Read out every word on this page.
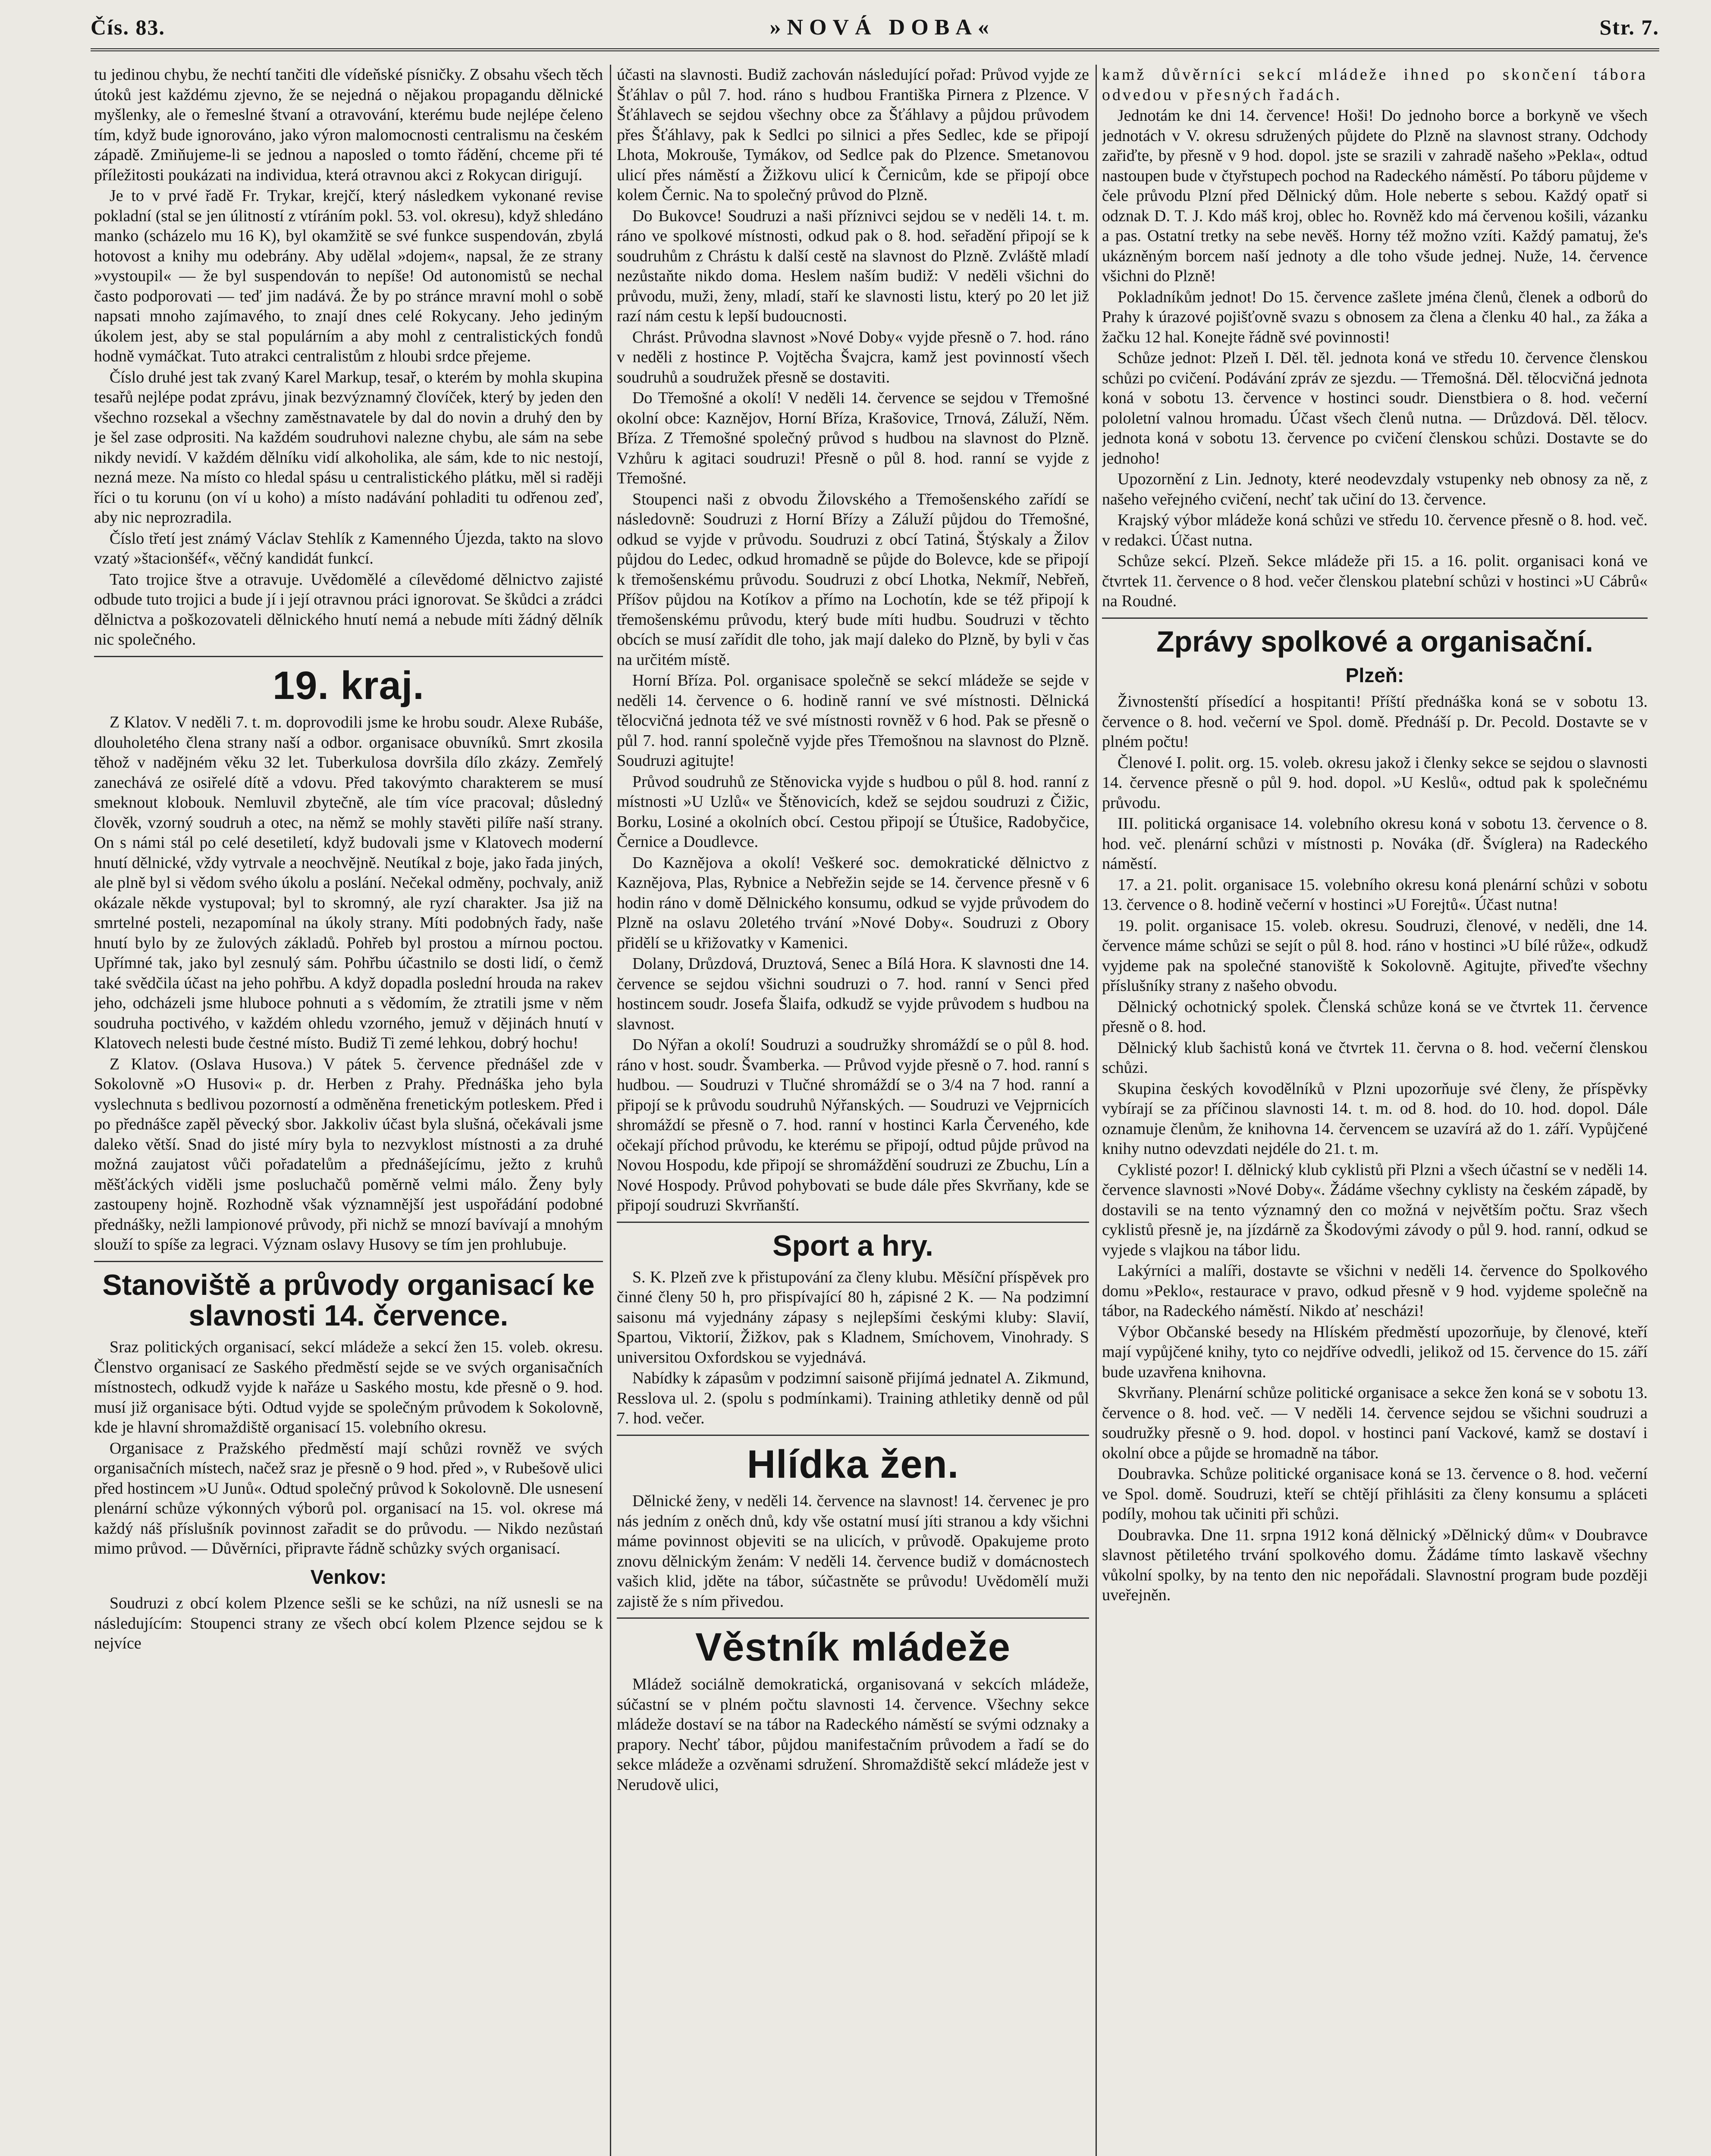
Čís. 83.	»NOVÁ DOBA«	Str. 7.

tu jedinou chybu, že nechtí tančiti dle vídeňské písničky. Z obsahu všech těch útoků jest každému zjevno, že se nejedná o nějakou propagandu dělnické myšlenky, ale o řemeslné štvaní a otravování, kterému bude nejlépe čeleno tím, když bude ignorováno, jako výron malomocnosti centralismu na českém západě. Zmiňujeme-li se jednou a naposled o tomto řádění, chceme při té příležitosti poukázati na individua, která otravnou akci z Rokycan dirigují.

Je to v prvé řadě Fr. Trykar, krejčí, který následkem vykonané revise pokladní (stal se jen úlitností z vtíráním pokl. 53. vol. okresu), když shledáno manko (scházelo mu 16 K), byl okamžitě se své funkce suspendován, zbylá hotovost a knihy mu odebrány. Aby udělal »dojem«, napsal, že ze strany »vystoupil« — že byl suspendován to nepíše! Od autonomistů se nechal často podporovati — teď jim nadává. Že by po stránce mravní mohl o sobě napsati mnoho zajímavého, to znají dnes celé Rokycany. Jeho jediným úkolem jest, aby se stal populárním a aby mohl z centralistických fondů hodně vymáčkat. Tuto atrakci centralistům z hloubi srdce přejeme.

Číslo druhé jest tak zvaný Karel Markup, tesař, o kterém by mohla skupina tesařů nejlépe podat zprávu, jinak bezvýznamný človíček, který by jeden den všechno rozsekal a všechny zaměstnavatele by dal do novin a druhý den by je šel zase odprositi. Na každém soudruhovi nalezne chybu, ale sám na sebe nikdy nevidí. V každém dělníku vidí alkoholika, ale sám, kde to nic nestojí, nezná meze. Na místo co hledal spásu u centralistického plátku, měl si raději říci o tu korunu (on ví u koho) a místo nadávání pohladiti tu odřenou zeď, aby nic neprozradila.

Číslo třetí jest známý Václav Stehlík z Kamenného Újezda, takto na slovo vzatý »štacionšéf«, věčný kandidát funkcí.

Tato trojice štve a otravuje. Uvědomělé a cílevědomé dělnictvo zajisté odbude tuto trojici a bude jí i její otravnou práci ignorovat. Se škůdci a zrádci dělnictva a poškozovateli dělnického hnutí nemá a nebude míti žádný dělník nic společného.

19. kraj.

Z Klatov. V neděli 7. t. m. doprovodili jsme ke hrobu soudr. Alexe Rubáše, dlouholetého člena strany naší a odbor. organisace obuvníků. Smrt zkosila těhož v nadějném věku 32 let. Tuberkulosa dovršila dílo zkázy. Zemřelý zanechává ze osiřelé dítě a vdovu. Před takovýmto charakterem se musí smeknout klobouk. Nemluvil zbytečně, ale tím více pracoval; důsledný člověk, vzorný soudruh a otec, na němž se mohly stavěti pilíře naší strany. On s námi stál po celé desetiletí, když budovali jsme v Klatovech moderní hnutí dělnické, vždy vytrvale a neochvějně. Neutíkal z boje, jako řada jiných, ale plně byl si vědom svého úkolu a poslání. Nečekal odměny, pochvaly, aniž okázale někde vystupoval; byl to skromný, ale ryzí charakter. Jsa již na smrtelné posteli, nezapomínal na úkoly strany. Míti podobných řady, naše hnutí bylo by ze žulových základů. Pohřeb byl prostou a mírnou poctou. Upřímné tak, jako byl zesnulý sám. Pohřbu účastnilo se dosti lidí, o čemž také svědčila účast na jeho pohřbu. A když dopadla poslední hrouda na rakev jeho, odcházeli jsme hluboce pohnuti a s vědomím, že ztratili jsme v něm soudruha poctivého, v každém ohledu vzorného, jemuž v dějinách hnutí v Klatovech nelesti bude čestné místo. Budiž Ti zemé lehkou, dobrý hochu!

Z Klatov. (Oslava Husova.) V pátek 5. července přednášel zde v Sokolovně »O Husovi« p. dr. Herben z Prahy. Přednáška jeho byla vyslechnuta s bedlivou pozorností a odměněna frenetickým potleskem. Před i po přednášce zapěl pěvecký sbor. Jakkoliv účast byla slušná, očekávali jsme daleko větší. Snad do jisté míry byla to nezvyklost místnosti a za druhé možná zaujatost vůči pořadatelům a přednášejícímu, ježto z kruhů měšťáckých viděli jsme posluchačů poměrně velmi málo. Ženy byly zastoupeny hojně. Rozhodně však významnější jest uspořádání podobné přednášky, nežli lampionové průvody, při nichž se mnozí bavívají a mnohým slouží to spíše za legraci. Význam oslavy Husovy se tím jen prohlubuje.

Stanoviště a průvody organisací ke slavnosti 14. července.

Sraz politických organisací, sekcí mládeže a sekcí žen 15. voleb. okresu. Členstvo organisací ze Saského předměstí sejde se ve svých organisačních místnostech, odkudž vyjde k nařáze u Saského mostu, kde přesně o 9. hod. musí již organisace býti. Odtud vyjde se společným průvodem k Sokolovně, kde je hlavní shromaždiště organisací 15. volebního okresu.

Organisace z Pražského předměstí mají schůzi rovněž ve svých organisačních místech, načež sraz je přesně o 9 hod. před », v Rubešově ulici před hostincem »U Junů«. Odtud společný průvod k Sokolovně. Dle usnesení plenární schůze výkonných výborů pol. organisací na 15. vol. okrese má každý náš příslušník povinnost zařadit se do průvodu. — Nikdo nezůstań mimo průvod. — Důvěrníci, připravte řádně schůzky svých organisací.

Venkov:

Soudruzi z obcí kolem Plzence sešli se ke schůzi, na níž usnesli se na následujícím: Stoupenci strany ze všech obcí kolem Plzence sejdou se k nejvíce

účasti na slavnosti. Budiž zachován následující pořad: Průvod vyjde ze Šťáhlav o půl 7. hod. ráno s hudbou Františka Pirnera z Plzence. V Šťáhlavech se sejdou všechny obce za Šťáhlavy a půjdou průvodem přes Šťáhlavy, pak k Sedlci po silnici a přes Sedlec, kde se připojí Lhota, Mokrouše, Tymákov, od Sedlce pak do Plzence. Smetanovou ulicí přes náměstí a Žižkovu ulicí k Černicům, kde se připojí obce kolem Černic. Na to společný průvod do Plzně.

Do Bukovce! Soudruzi a naši příznivci sejdou se v neděli 14. t. m. ráno ve spolkové místnosti, odkud pak o 8. hod. seřadění připojí se k soudruhům z Chrástu k další cestě na slavnost do Plzně. Zvláště mladí nezůstaňte nikdo doma. Heslem naším budiž: V neděli všichni do průvodu, muži, ženy, mladí, staří ke slavnosti listu, který po 20 let již razí nám cestu k lepší budoucnosti.

Chrást. Průvodna slavnost »Nové Doby« vyjde přesně o 7. hod. ráno v neděli z hostince P. Vojtěcha Švajcra, kamž jest povinností všech soudruhů a soudružek přesně se dostaviti.

Do Třemošné a okolí! V neděli 14. července se sejdou v Třemošné okolní obce: Kaznějov, Horní Bříza, Krašovice, Trnová, Záluží, Něm. Bříza. Z Třemošné společný průvod s hudbou na slavnost do Plzně. Vzhůru k agitaci soudruzi! Přesně o půl 8. hod. ranní se vyjde z Třemošné.

Stoupenci naši z obvodu Žilovského a Třemošenského zařídí se následovně: Soudruzi z Horní Břízy a Záluží půjdou do Třemošné, odkud se vyjde v průvodu. Soudruzi z obcí Tatiná, Štýskaly a Žilov půjdou do Ledec, odkud hromadně se půjde do Bolevce, kde se připojí k třemošenskému průvodu. Soudruzi z obcí Lhotka, Nekmíř, Nebřeň, Příšov půjdou na Kotíkov a přímo na Lochotín, kde se též připojí k třemošenskému průvodu, který bude míti hudbu. Soudruzi v těchto obcích se musí zařídit dle toho, jak mají daleko do Plzně, by byli v čas na určitém místě.

Horní Bříza. Pol. organisace společně se sekcí mládeže se sejde v neděli 14. července o 6. hodině ranní ve své místnosti. Dělnická tělocvičná jednota též ve své místnosti rovněž v 6 hod. Pak se přesně o půl 7. hod. ranní společně vyjde přes Třemošnou na slavnost do Plzně. Soudruzi agitujte!

Průvod soudruhů ze Stěnovicka vyjde s hudbou o půl 8. hod. ranní z místnosti »U Uzlů« ve Štěnovicích, kdež se sejdou soudruzi z Čižic, Borku, Losiné a okolních obcí. Cestou připojí se Útušice, Radobyčice, Černice a Doudlevce.

Do Kaznějova a okolí! Veškeré soc. demokratické dělnictvo z Kaznějova, Plas, Rybnice a Nebřežin sejde se 14. července přesně v 6 hodin ráno v domě Dělnického konsumu, odkud se vyjde průvodem do Plzně na oslavu 20letého trvání »Nové Doby«. Soudruzi z Obory přidělí se u křižovatky v Kamenici.

Dolany, Drůzdová, Druztová, Senec a Bílá Hora. K slavnosti dne 14. července se sejdou všichni soudruzi o 7. hod. ranní v Senci před hostincem soudr. Josefa Šlaifa, odkudž se vyjde průvodem s hudbou na slavnost.

Do Nýřan a okolí! Soudruzi a soudružky shromáždí se o půl 8. hod. ráno v host. soudr. Švamberka. — Průvod vyjde přesně o 7. hod. ranní s hudbou. — Soudruzi v Tlučné shromáždí se o 3/4 na 7 hod. ranní a připojí se k průvodu soudruhů Nýřanských. — Soudruzi ve Vejprnicích shromáždí se přesně o 7. hod. ranní v hostinci Karla Červeného, kde očekají příchod průvodu, ke kterému se připojí, odtud půjde průvod na Novou Hospodu, kde připojí se shromáždění soudruzi ze Zbuchu, Lín a Nové Hospody. Průvod pohybovati se bude dále přes Skvrňany, kde se připojí soudruzi Skvrňanští.

Sport a hry.

S. K. Plzeň zve k přistupování za členy klubu. Měsíční příspěvek pro činné členy 50 h, pro přispívající 80 h, zápisné 2 K. — Na podzimní saisonu má vyjednány zápasy s nejlepšími českými kluby: Slavií, Spartou, Viktorií, Žižkov, pak s Kladnem, Smíchovem, Vinohrady. S universitou Oxfordskou se vyjednává.

Nabídky k zápasům v podzimní saisoně přijímá jednatel A. Zikmund, Resslova ul. 2. (spolu s podmínkami). Training athletiky denně od půl 7. hod. večer.

Hlídka žen.

Dělnické ženy, v neděli 14. července na slavnost! 14. červenec je pro nás jedním z oněch dnů, kdy vše ostatní musí jíti stranou a kdy všichni máme povinnost objeviti se na ulicích, v průvodě. Opakujeme proto znovu dělnickým ženám: V neděli 14. července budiž v domácnostech vašich klid, jděte na tábor, súčastněte se průvodu! Uvědomělí muži zajistě že s ním přivedou.

Věstník mládeže

Mládež sociálně demokratická, organisovaná v sekcích mládeže, súčastní se v plném počtu slavnosti 14. července. Všechny sekce mládeže dostaví se na tábor na Radeckého náměstí se svými odznaky a prapory. Nechť tábor, půjdou manifestačním průvodem a řadí se do sekce mládeže a ozvěnami sdružení. Shromaždiště sekcí mládeže jest v Nerudově ulici,

kamž důvěrníci sekcí mládeže ihned po skončení tábora odvedou v přesných řadách.

Jednotám ke dni 14. července! Hoši! Do jednoho borce a borkyně ve všech jednotách v V. okresu sdružených půjdete do Plzně na slavnost strany. Odchody zařiďte, by přesně v 9 hod. dopol. jste se srazili v zahradě našeho »Pekla«, odtud nastoupen bude v čtyřstupech pochod na Radeckého náměstí. Po táboru půjdeme v čele průvodu Plzní před Dělnický dům. Hole neberte s sebou. Každý opatř si odznak D. T. J. Kdo máš kroj, oblec ho. Rovněž kdo má červenou košili, vázanku a pas. Ostatní tretky na sebe nevěš. Horny též možno vzíti. Každý pamatuj, že's ukázněným borcem naší jednoty a dle toho všude jednej. Nuže, 14. července všichni do Plzně!

Pokladníkům jednot! Do 15. července zašlete jména členů, členek a odborů do Prahy k úrazové pojišťovně svazu s obnosem za člena a členku 40 hal., za žáka a žačku 12 hal. Konejte řádně své povinnosti!

Schůze jednot: Plzeň I. Děl. těl. jednota koná ve středu 10. července členskou schůzi po cvičení. Podávání zpráv ze sjezdu. — Třemošná. Děl. tělocvičná jednota koná v sobotu 13. července v hostinci soudr. Dienstbiera o 8. hod. večerní pololetní valnou hromadu. Účast všech členů nutna. — Drůzdová. Děl. tělocv. jednota koná v sobotu 13. července po cvičení členskou schůzi. Dostavte se do jednoho!

Upozornění z Lin. Jednoty, které neodevzdaly vstupenky neb obnosy za ně, z našeho veřejného cvičení, nechť tak učiní do 13. července.

Krajský výbor mládeže koná schůzi ve středu 10. července přesně o 8. hod. več. v redakci. Účast nutna.

Schůze sekcí. Plzeň. Sekce mládeže při 15. a 16. polit. organisaci koná ve čtvrtek 11. července o 8 hod. večer členskou platební schůzi v hostinci »U Cábrů« na Roudné.

Zprávy spolkové a organisační.
Plzeň:

Živnostenští přísedící a hospitanti! Příští přednáška koná se v sobotu 13. července o 8. hod. večerní ve Spol. domě. Přednáší p. Dr. Pecold. Dostavte se v plném počtu!

Členové I. polit. org. 15. voleb. okresu jakož i členky sekce se sejdou o slavnosti 14. července přesně o půl 9. hod. dopol. »U Keslů«, odtud pak k společnému průvodu.

III. politická organisace 14. volebního okresu koná v sobotu 13. července o 8. hod. več. plenární schůzi v místnosti p. Nováka (dř. Švíglera) na Radeckého náměstí.

17. a 21. polit. organisace 15. volebního okresu koná plenární schůzi v sobotu 13. července o 8. hodině večerní v hostinci »U Forejtů«. Účast nutna!

19. polit. organisace 15. voleb. okresu. Soudruzi, členové, v neděli, dne 14. července máme schůzi se sejít o půl 8. hod. ráno v hostinci »U bílé růže«, odkudž vyjdeme pak na společné stanoviště k Sokolovně. Agitujte, přiveďte všechny příslušníky strany z našeho obvodu.

Dělnický ochotnický spolek. Členská schůze koná se ve čtvrtek 11. července přesně o 8. hod.

Dělnický klub šachistů koná ve čtvrtek 11. června o 8. hod. večerní členskou schůzi.

Skupina českých kovodělníků v Plzni upozorňuje své členy, že příspěvky vybírají se za příčinou slavnosti 14. t. m. od 8. hod. do 10. hod. dopol. Dále oznamuje členům, že knihovna 14. červencem se uzavírá až do 1. září. Vypůjčené knihy nutno odevzdati nejdéle do 21. t. m.

Cyklisté pozor! I. dělnický klub cyklistů při Plzni a všech účastní se v neděli 14. července slavnosti »Nové Doby«. Žádáme všechny cyklisty na českém západě, by dostavili se na tento významný den co možná v největším počtu. Sraz všech cyklistů přesně je, na jízdárně za Škodovými závody o půl 9. hod. ranní, odkud se vyjede s vlajkou na tábor lidu.

Lakýrníci a malíři, dostavte se všichni v neděli 14. července do Spolkového domu »Peklo«, restaurace v pravo, odkud přesně v 9 hod. vyjdeme společně na tábor, na Radeckého náměstí. Nikdo ať nescházi!

Výbor Občanské besedy na Hlíském předměstí upozorňuje, by členové, kteří mají vypůjčené knihy, tyto co nejdříve odvedli, jelikož od 15. července do 15. září bude uzavřena knihovna.

Skvrňany. Plenární schůze politické organisace a sekce žen koná se v sobotu 13. července o 8. hod. več. — V neděli 14. července sejdou se všichni soudruzi a soudružky přesně o 9. hod. dopol. v hostinci paní Vackové, kamž se dostaví i okolní obce a půjde se hromadně na tábor.

Doubravka. Schůze politické organisace koná se 13. července o 8. hod. večerní ve Spol. domě. Soudruzi, kteří se chtějí přihlásiti za členy konsumu a spláceti podíly, mohou tak učiniti při schůzi.

Doubravka. Dne 11. srpna 1912 koná dělnický »Dělnický dům« v Doubravce slavnost pětiletého trvání spolkového domu. Žádáme tímto laskavě všechny vůkolní spolky, by na tento den nic nepořádali. Slavnostní program bude později uveřejněn.
